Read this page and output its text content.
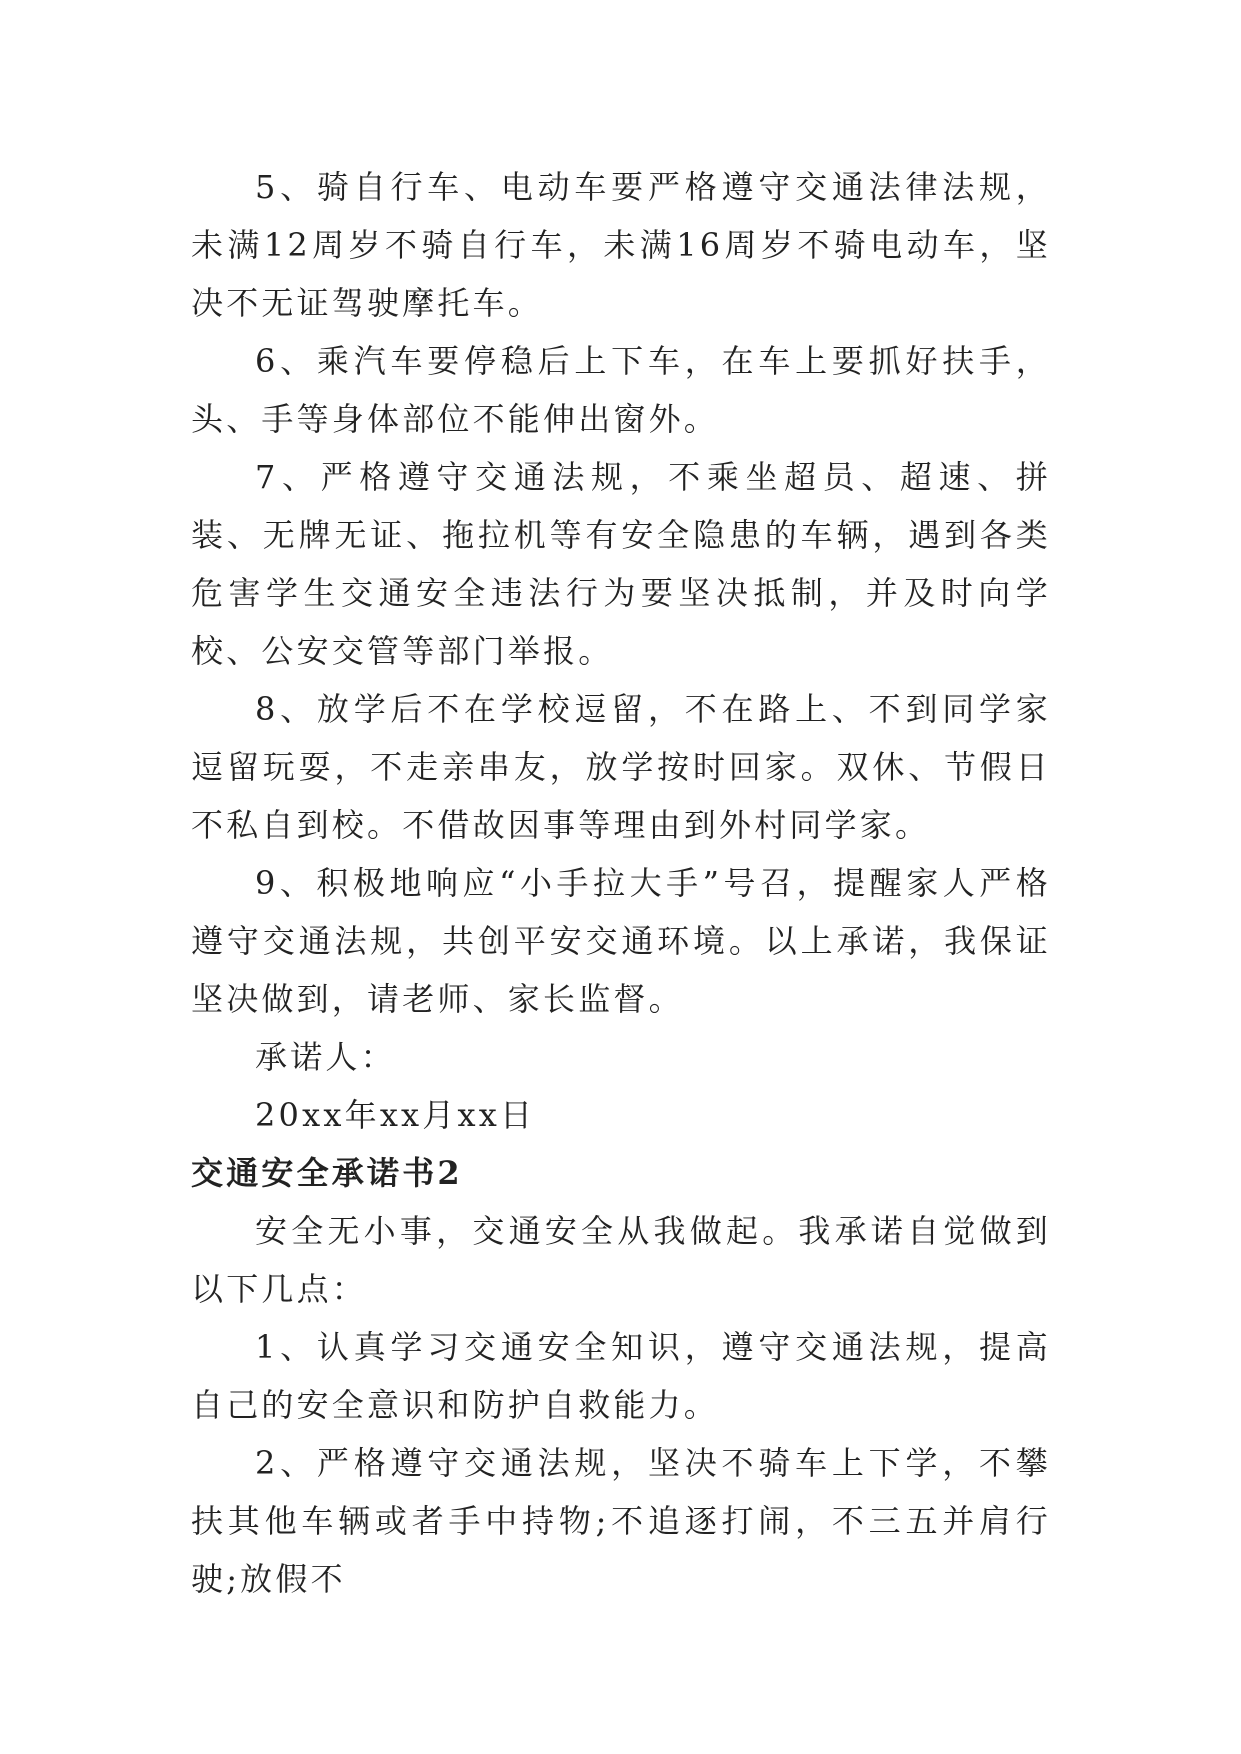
5、骑自行车、电动车要严格遵守交通法律法规，未满12周岁不骑自行车，未满16周岁不骑电动车，坚决不无证驾驶摩托车。

6、乘汽车要停稳后上下车，在车上要抓好扶手，头、手等身体部位不能伸出窗外。

7、严格遵守交通法规，不乘坐超员、超速、拼装、无牌无证、拖拉机等有安全隐患的车辆，遇到各类危害学生交通安全违法行为要坚决抵制，并及时向学校、公安交管等部门举报。

8、放学后不在学校逗留，不在路上、不到同学家逗留玩耍，不走亲串友，放学按时回家。双休、节假日不私自到校。不借故因事等理由到外村同学家。

9、积极地响应“小手拉大手”号召，提醒家人严格遵守交通法规，共创平安交通环境。以上承诺，我保证坚决做到，请老师、家长监督。

承诺人：

20xx年xx月xx日

交通安全承诺书2

安全无小事，交通安全从我做起。我承诺自觉做到以下几点：

1、认真学习交通安全知识，遵守交通法规，提高自己的安全意识和防护自救能力。

2、严格遵守交通法规，坚决不骑车上下学，不攀扶其他车辆或者手中持物;不追逐打闹，不三五并肩行驶;放假不
